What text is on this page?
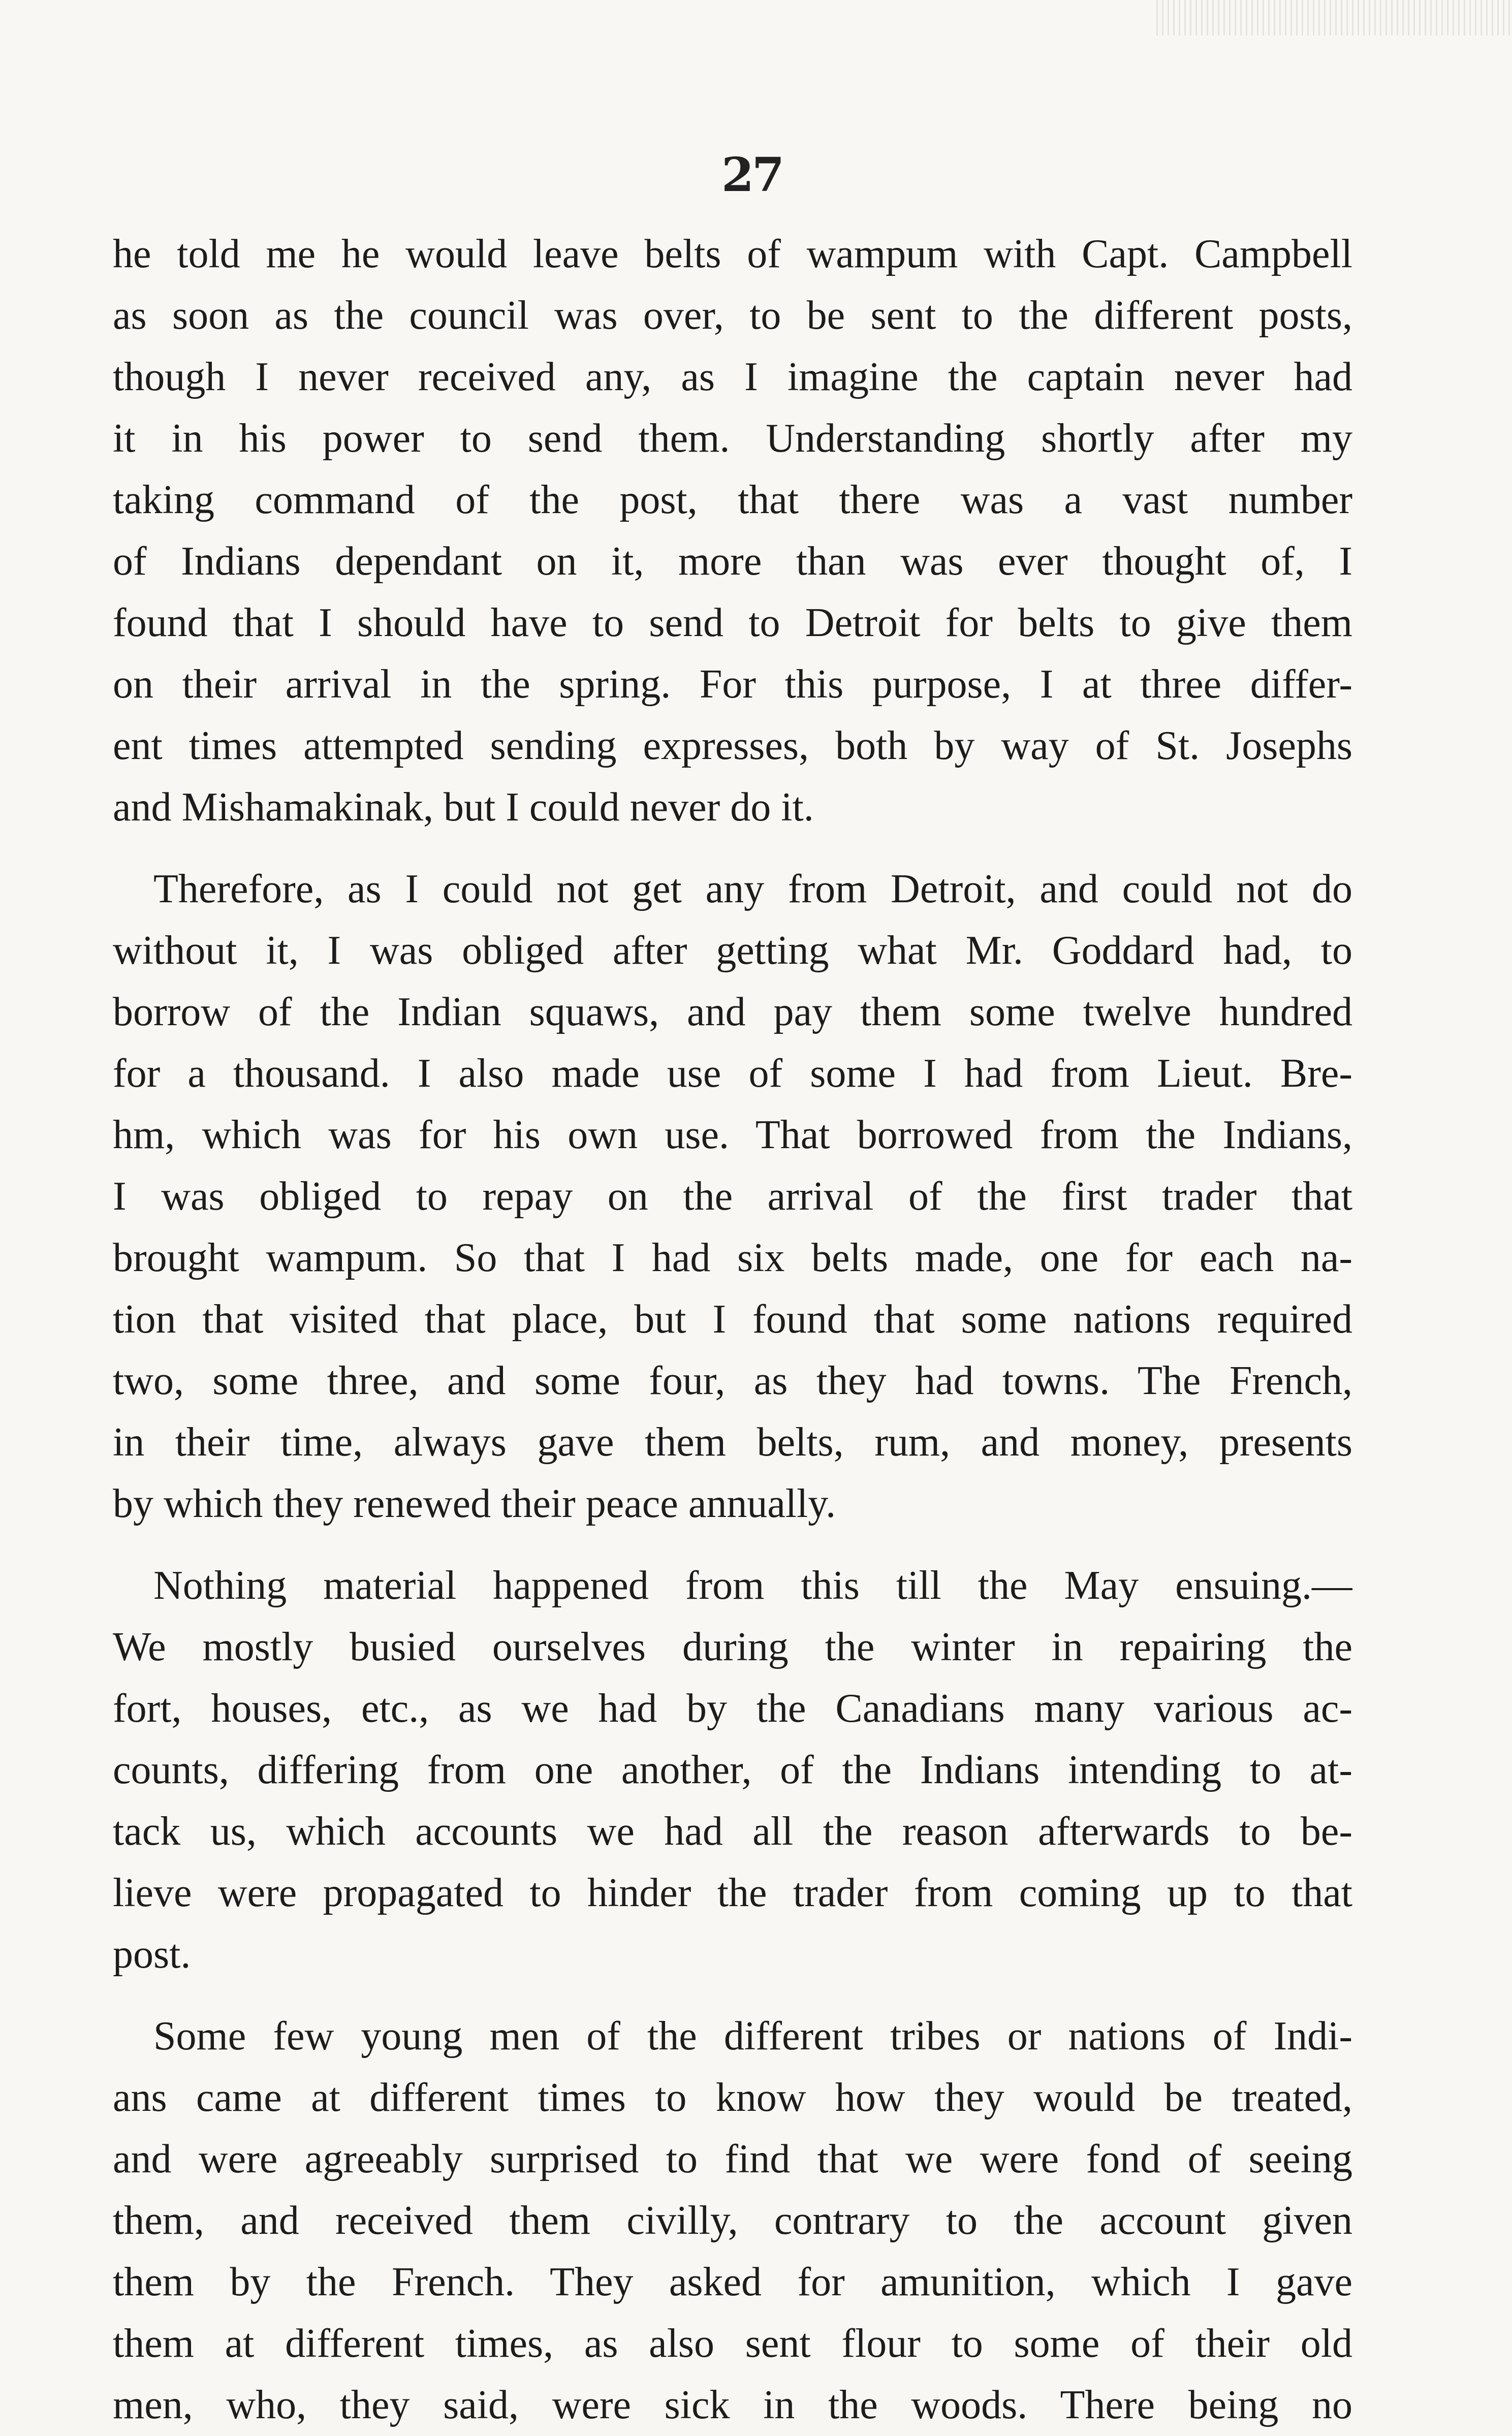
27
he told me he would leave belts of wampum with Capt. Campbell
as soon as the council was over, to be sent to the different posts,
though I never received any, as I imagine the captain never had
it in his power to send them. Understanding shortly after my
taking command of the post, that there was a vast number
of Indians dependant on it, more than was ever thought of, I
found that I should have to send to Detroit for belts to give them
on their arrival in the spring. For this purpose, I at three differ-
ent times attempted sending expresses, both by way of St. Josephs
and Mishamakinak, but I could never do it.
Therefore, as I could not get any from Detroit, and could not do
without it, I was obliged after getting what Mr. Goddard had, to
borrow of the Indian squaws, and pay them some twelve hundred
for a thousand. I also made use of some I had from Lieut. Bre-
hm, which was for his own use. That borrowed from the Indians,
I was obliged to repay on the arrival of the first trader that
brought wampum. So that I had six belts made, one for each na-
tion that visited that place, but I found that some nations required
two, some three, and some four, as they had towns. The French,
in their time, always gave them belts, rum, and money, presents
by which they renewed their peace annually.
Nothing material happened from this till the May ensuing.—
We mostly busied ourselves during the winter in repairing the
fort, houses, etc., as we had by the Canadians many various ac-
counts, differing from one another, of the Indians intending to at-
tack us, which accounts we had all the reason afterwards to be-
lieve were propagated to hinder the trader from coming up to that
post.
Some few young men of the different tribes or nations of Indi-
ans came at different times to know how they would be treated,
and were agreeably surprised to find that we were fond of seeing
them, and received them civilly, contrary to the account given
them by the French. They asked for amunition, which I gave
them at different times, as also sent flour to some of their old
men, who, they said, were sick in the woods. There being no
